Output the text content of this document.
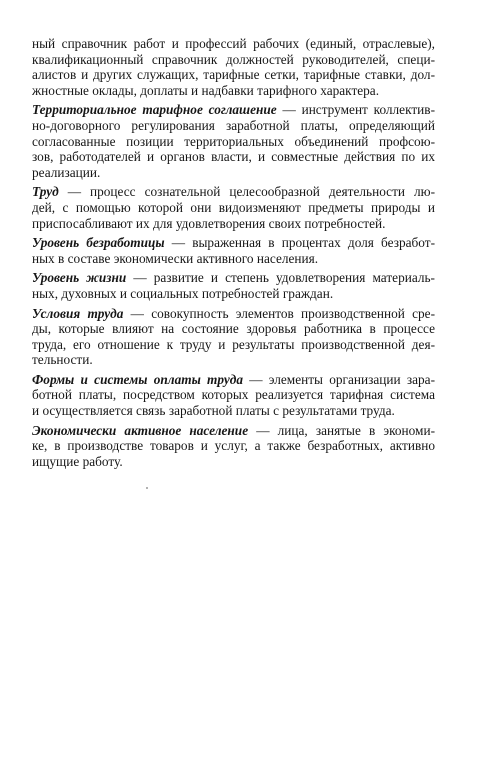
ный справочник работ и профессий рабочих (единый, отраслевые),
квалификационный справочник должностей руководителей, специ-
алистов и других служащих, тарифные сетки, тарифные ставки, дол-
жностные оклады, доплаты и надбавки тарифного характера.
Территориальное тарифное соглашение — инструмент коллектив-
но-договорного регулирования заработной платы, определяющий
согласованные позиции территориальных объединений профсою-
зов, работодателей и органов власти, и совместные действия по их
реализации.
Труд — процесс сознательной целесообразной деятельности лю-
дей, с помощью которой они видоизменяют предметы природы и
приспосабливают их для удовлетворения своих потребностей.
Уровень безработицы — выраженная в процентах доля безработ-
ных в составе экономически активного населения.
Уровень жизни — развитие и степень удовлетворения материаль-
ных, духовных и социальных потребностей граждан.
Условия труда — совокупность элементов производственной сре-
ды, которые влияют на состояние здоровья работника в процессе
труда, его отношение к труду и результаты производственной дея-
тельности.
Формы и системы оплаты труда — элементы организации зара-
ботной платы, посредством которых реализуется тарифная система
и осуществляется связь заработной платы с результатами труда.
Экономически активное население — лица, занятые в экономи-
ке, в производстве товаров и услуг, а также безработных, активно
ищущие работу.
